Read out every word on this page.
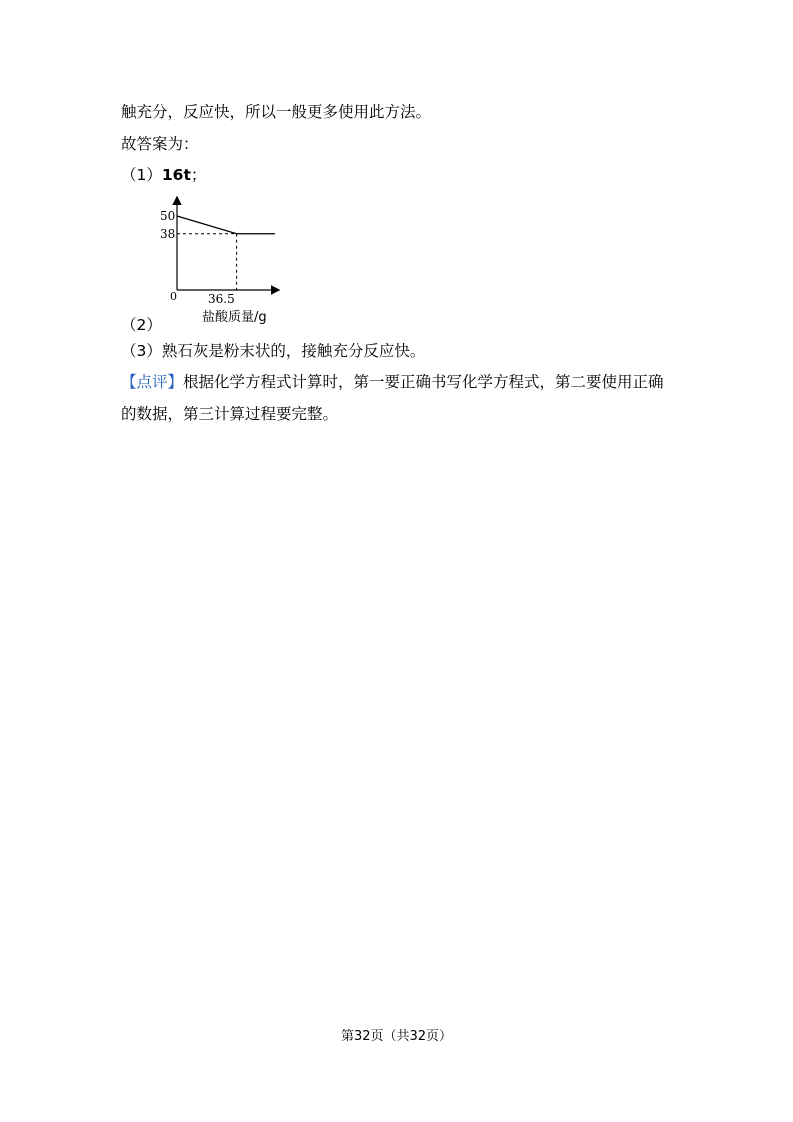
触充分，反应快，所以一般更多使用此方法。
故答案为：
（1）16t；
50
38
0	36.5
盐酸质量/g
（2）
（3）熟石灰是粉末状的，接触充分反应快。
【点评】根据化学方程式计算时，第一要正确书写化学方程式，第二要使用正确
的数据，第三计算过程要完整。
第32页（共32页）
